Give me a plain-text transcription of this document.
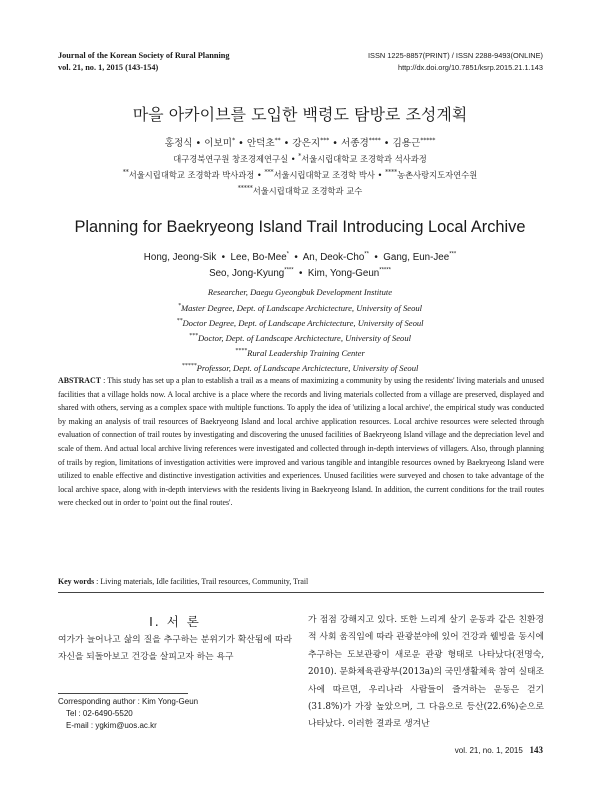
Journal of the Korean Society of Rural Planning
vol. 21, no. 1, 2015 (143-154)
ISSN 1225-8857(PRINT) / ISSN 2288-9493(ONLINE)
http://dx.doi.org/10.7851/ksrp.2015.21.1.143
마을 아카이브를 도입한 백령도 탐방로 조성계획
홍정식 • 이보미* • 안덕초** • 강은지*** • 서종경**** • 김용근*****
대구경북연구원 창조경제연구실 • *서울시립대학교 조경학과 석사과정
**서울시립대학교 조경학과 박사과정 • ***서울시립대학교 조경학 박사 • ****농촌사랑지도자연수원
*****서울시립대학교 조경학과 교수
Planning for Baekryeong Island Trail Introducing Local Archive
Hong, Jeong-Sik  •  Lee, Bo-Mee*  •  An, Deok-Cho**  •  Gang, Eun-Jee***
Seo, Jong-Kyung****  •  Kim, Yong-Geun*****
Researcher, Daegu Gyeongbuk Development Institute
*Master Degree, Dept. of Landscape Archictecture, University of Seoul
**Doctor Degree, Dept. of Landscape Archictecture, University of Seoul
***Doctor, Dept. of Landscape Archictecture, University of Seoul
****Rural Leadership Training Center
*****Professor, Dept. of Landscape Archictecture, University of Seoul
ABSTRACT : This study has set up a plan to establish a trail as a means of maximizing a community by using the residents' living materials and unused facilities that a village holds now. A local archive is a place where the records and living materials collected from a village are preserved, displayed and shared with others, serving as a complex space with multiple functions. To apply the idea of 'utilizing a local archive', the empirical study was conducted by making an analysis of trail resources of Baekryeong Island and local archive application resources. Local archive resources were selected through evaluation of connection of trail routes by investigating and discovering the unused facilities of Baekryeong Island village and the depreciation level and scale of them. And actual local archive living references were investigated and collected through in-depth interviews of villagers. Also, through planning of trails by region, limitations of investigation activities were improved and various tangible and intangible resources owned by Baekryeong Island were utilized to enable effective and distinctive investigation activities and experiences. Unused facilities were surveyed and chosen to take advantage of the local archive space, along with in-depth interviews with the residents living in Baekryeong Island. In addition, the current conditions for the trail routes were checked out in order to 'point out the final routes'.
Key words : Living materials, Idle facilities, Trail resources, Community, Trail
I. 서 론
여가가 늘어나고 삶의 질을 추구하는 분위기가 확산됨에 따라 자신을 되돌아보고 건강을 살피고자 하는 욕구
가 점점 강해지고 있다. 또한 느리게 살기 운동과 같은 친환경적 사회 움직임에 따라 관광분야에 있어 건강과 웰빙을 동시에 추구하는 도보관광이 새로운 관광 형태로 나타났다(전명숙, 2010). 문화체육관광부(2013a)의 국민생활체육 참여 실태조사에 따르면, 우리나라 사람들이 즐겨하는 운동은 걷기(31.8%)가 가장 높았으며, 그 다음으로 등산(22.6%)순으로 나타났다. 이러한 결과로 생겨난
Corresponding author : Kim Yong-Geun
Tel : 02-6490-5520
E-mail : ygkim@uos.ac.kr
vol. 21, no. 1, 2015 143
